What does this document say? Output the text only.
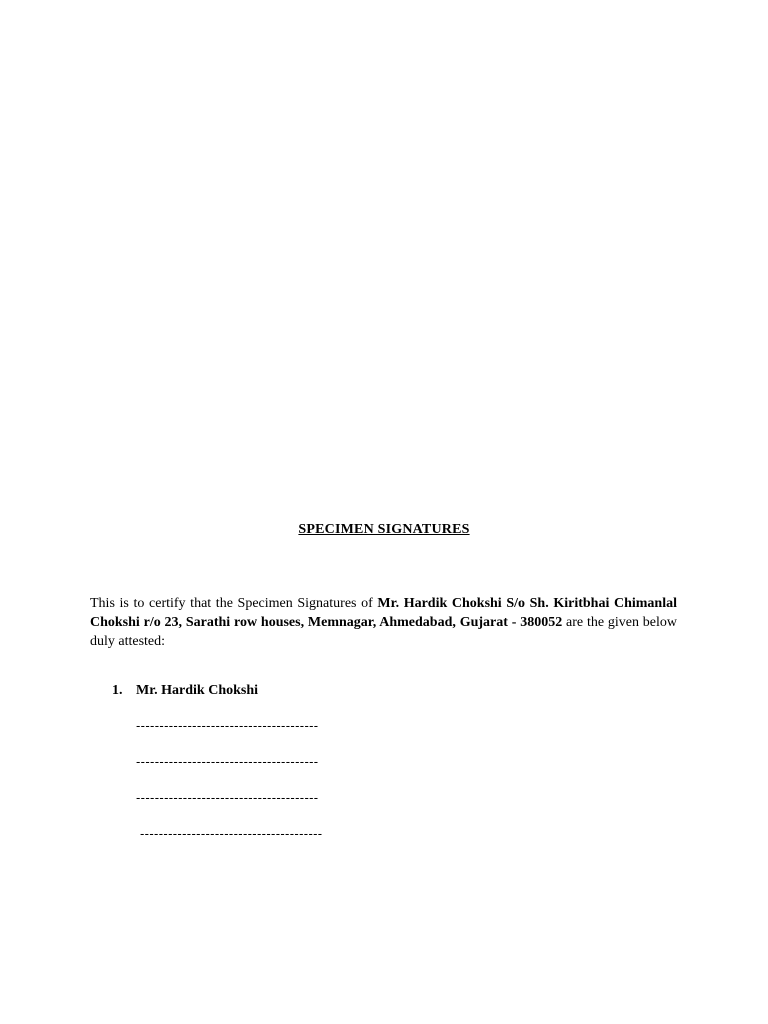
SPECIMEN SIGNATURES
This is to certify that the Specimen Signatures of Mr. Hardik Chokshi S/o Sh. Kiritbhai Chimanlal Chokshi r/o 23, Sarathi row houses, Memnagar, Ahmedabad, Gujarat - 380052 are the given below duly attested:
1. Mr. Hardik Chokshi
---------------------------------------
---------------------------------------
---------------------------------------
---------------------------------------
